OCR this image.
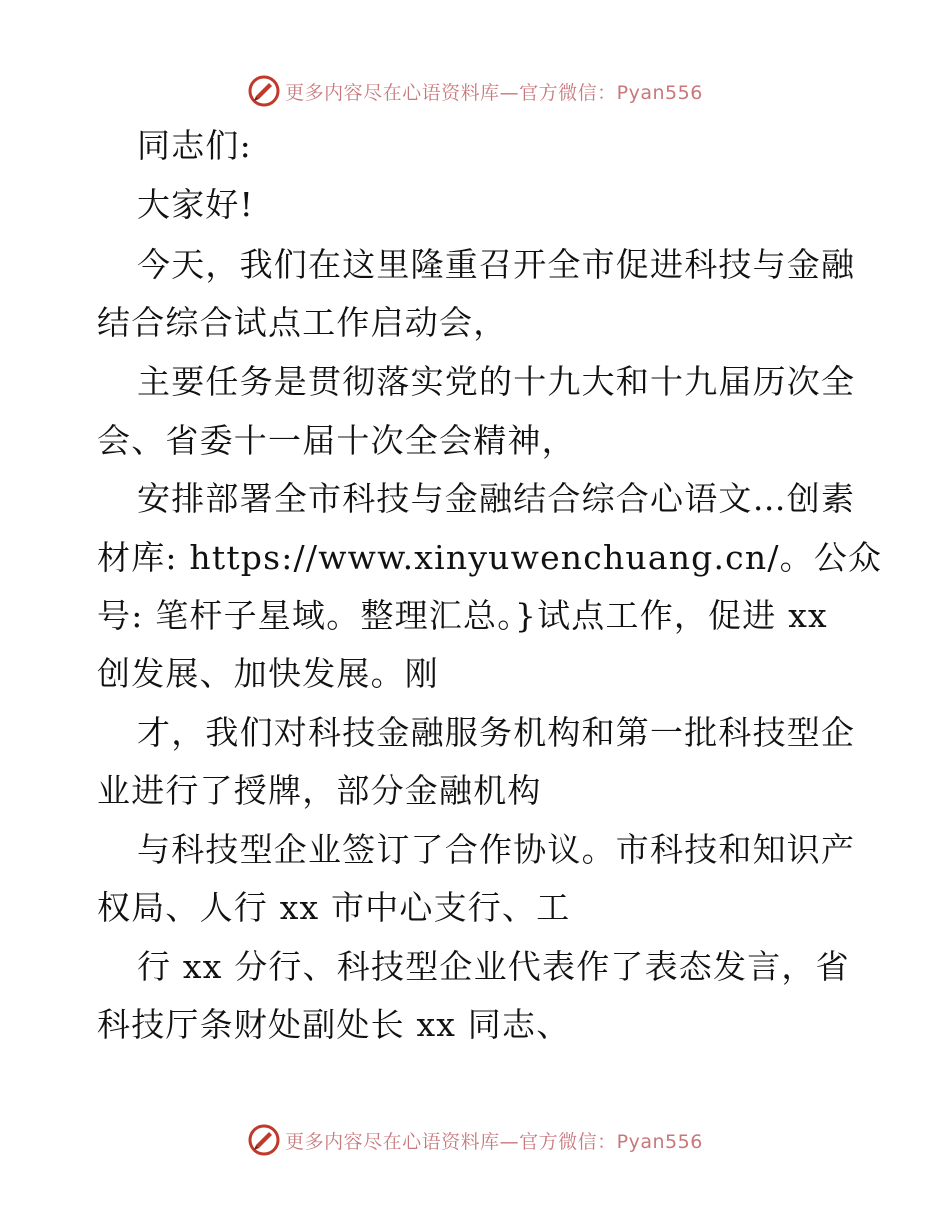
更多内容尽在心语资料库—官方微信：Pyan556
同志们:
大家好!
今天，我们在这里隆重召开全市促进科技与金融
结合综合试点工作启动会，
主要任务是贯彻落实党的十九大和十九届历次全
会、省委十一届十次全会精神，
安排部署全市科技与金融结合综合心语文…创素
材库: https://www.xinyuwenchuang.cn/。公众
号: 笔杆子星域。整理汇总。}试点工作，促进 xx
创发展、加快发展。刚
才，我们对科技金融服务机构和第一批科技型企
业进行了授牌，部分金融机构
与科技型企业签订了合作协议。市科技和知识产
权局、人行 xx 市中心支行、工
行 xx 分行、科技型企业代表作了表态发言，省
科技厅条财处副处长 xx 同志、
更多内容尽在心语资料库—官方微信：Pyan556
